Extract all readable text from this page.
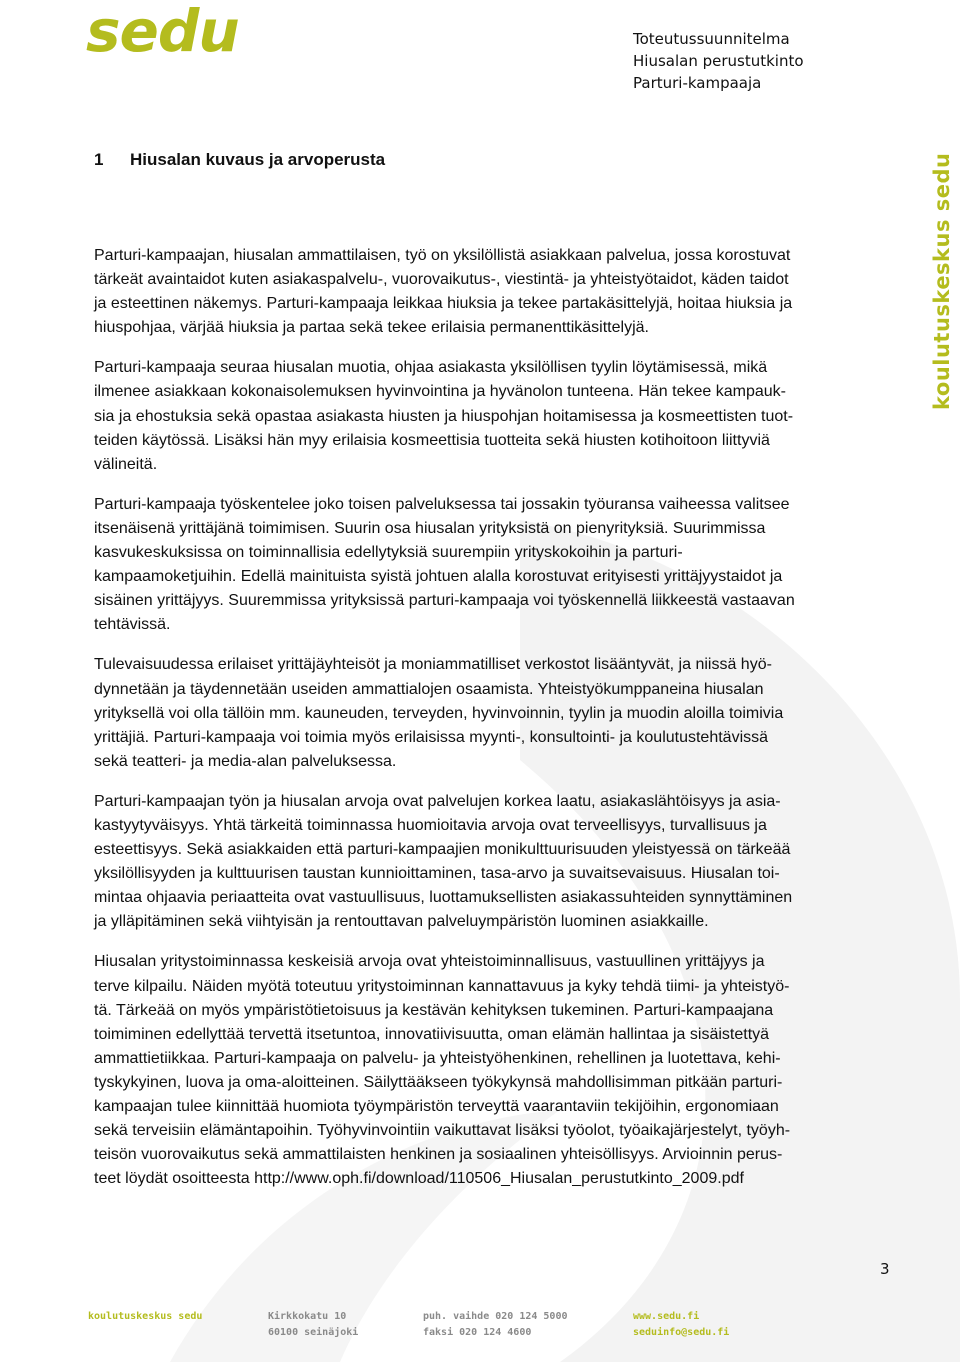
sedu	Toteutussuunnitelma
Hiusalan perustutkinto
Parturi-kampaaja
koulutuskeskus sedu
1 Hiusalan kuvaus ja arvoperusta

Parturi-kampaajan, hiusalan ammattilaisen, työ on yksilöllistä asiakkaan palvelua, jossa korostuvat
tärkeät avaintaidot kuten asiakaspalvelu-, vuorovaikutus-, viestintä- ja yhteistyötaidot, käden taidot
ja esteettinen näkemys. Parturi-kampaaja leikkaa hiuksia ja tekee partakäsittelyjä, hoitaa hiuksia ja
hiuspohjaa, värjää hiuksia ja partaa sekä tekee erilaisia permanenttikäsittelyjä.

Parturi-kampaaja seuraa hiusalan muotia, ohjaa asiakasta yksilöllisen tyylin löytämisessä, mikä
ilmenee asiakkaan kokonaisolemuksen hyvinvointina ja hyvänolon tunteena. Hän tekee kampauk-
sia ja ehostuksia sekä opastaa asiakasta hiusten ja hiuspohjan hoitamisessa ja kosmeettisten tuot-
teiden käytössä. Lisäksi hän myy erilaisia kosmeettisia tuotteita sekä hiusten kotihoitoon liittyviä
välineitä.

Parturi-kampaaja työskentelee joko toisen palveluksessa tai jossakin työuransa vaiheessa valitsee
itsenäisenä yrittäjänä toimimisen. Suurin osa hiusalan yrityksistä on pienyrityksiä. Suurimmissa
kasvukeskuksissa on toiminnallisia edellytyksiä suurempiin yrityskokoihin ja parturi-
kampaamoketjuihin. Edellä mainituista syistä johtuen alalla korostuvat erityisesti yrittäjyystaidot ja
sisäinen yrittäjyys. Suuremmissa yrityksissä parturi-kampaaja voi työskennellä liikkeestä vastaavan
tehtävissä.

Tulevaisuudessa erilaiset yrittäjäyhteisöt ja moniammatilliset verkostot lisääntyvät, ja niissä hyö-
dynnetään ja täydennetään useiden ammattialojen osaamista. Yhteistyökumppaneina hiusalan
yrityksellä voi olla tällöin mm. kauneuden, terveyden, hyvinvoinnin, tyylin ja muodin aloilla toimivia
yrittäjiä. Parturi-kampaaja voi toimia myös erilaisissa myynti-, konsultointi- ja koulutustehtävissä
sekä teatteri- ja media-alan palveluksessa.

Parturi-kampaajan työn ja hiusalan arvoja ovat palvelujen korkea laatu, asiakaslähtöisyys ja asia-
kastyytyväisyys. Yhtä tärkeitä toiminnassa huomioitavia arvoja ovat terveellisyys, turvallisuus ja
esteettisyys. Sekä asiakkaiden että parturi-kampaajien monikulttuurisuuden yleistyessä on tärkeää
yksilöllisyyden ja kulttuurisen taustan kunnioittaminen, tasa-arvo ja suvaitsevaisuus. Hiusalan toi-
mintaa ohjaavia periaatteita ovat vastuullisuus, luottamuksellisten asiakassuhteiden synnyttäminen
ja ylläpitäminen sekä viihtyisän ja rentouttavan palveluympäristön luominen asiakkaille.

Hiusalan yritystoiminnassa keskeisiä arvoja ovat yhteistoiminnallisuus, vastuullinen yrittäjyys ja
terve kilpailu. Näiden myötä toteutuu yritystoiminnan kannattavuus ja kyky tehdä tiimi- ja yhteistyö-
tä. Tärkeää on myös ympäristötietoisuus ja kestävän kehityksen tukeminen. Parturi-kampaajana
toimiminen edellyttää tervettä itsetuntoa, innovatiivisuutta, oman elämän hallintaa ja sisäistettyä
ammattietiikkaa. Parturi-kampaaja on palvelu- ja yhteistyöhenkinen, rehellinen ja luotettava, kehi-
tyskykyinen, luova ja oma-aloitteinen. Säilyttääkseen työkykynsä mahdollisimman pitkään parturi-
kampaajan tulee kiinnittää huomiota työympäristön terveyttä vaarantaviin tekijöihin, ergonomiaan
sekä terveisiin elämäntapoihin. Työhyvinvointiin vaikuttavat lisäksi työolot, työaikajärjestelyt, työyh-
teisön vuorovaikutus sekä ammattilaisten henkinen ja sosiaalinen yhteisöllisyys. Arvioinnin perus-
teet löydät osoitteesta http://www.oph.fi/download/110506_Hiusalan_perustutkinto_2009.pdf

3
koulutuskeskus sedu	Kirkkokatu 10
60100 seinäjoki
puh. vaihde 020 124 5000
faksi 020 124 4600
www.sedu.fi
seduinfo@sedu.fi
